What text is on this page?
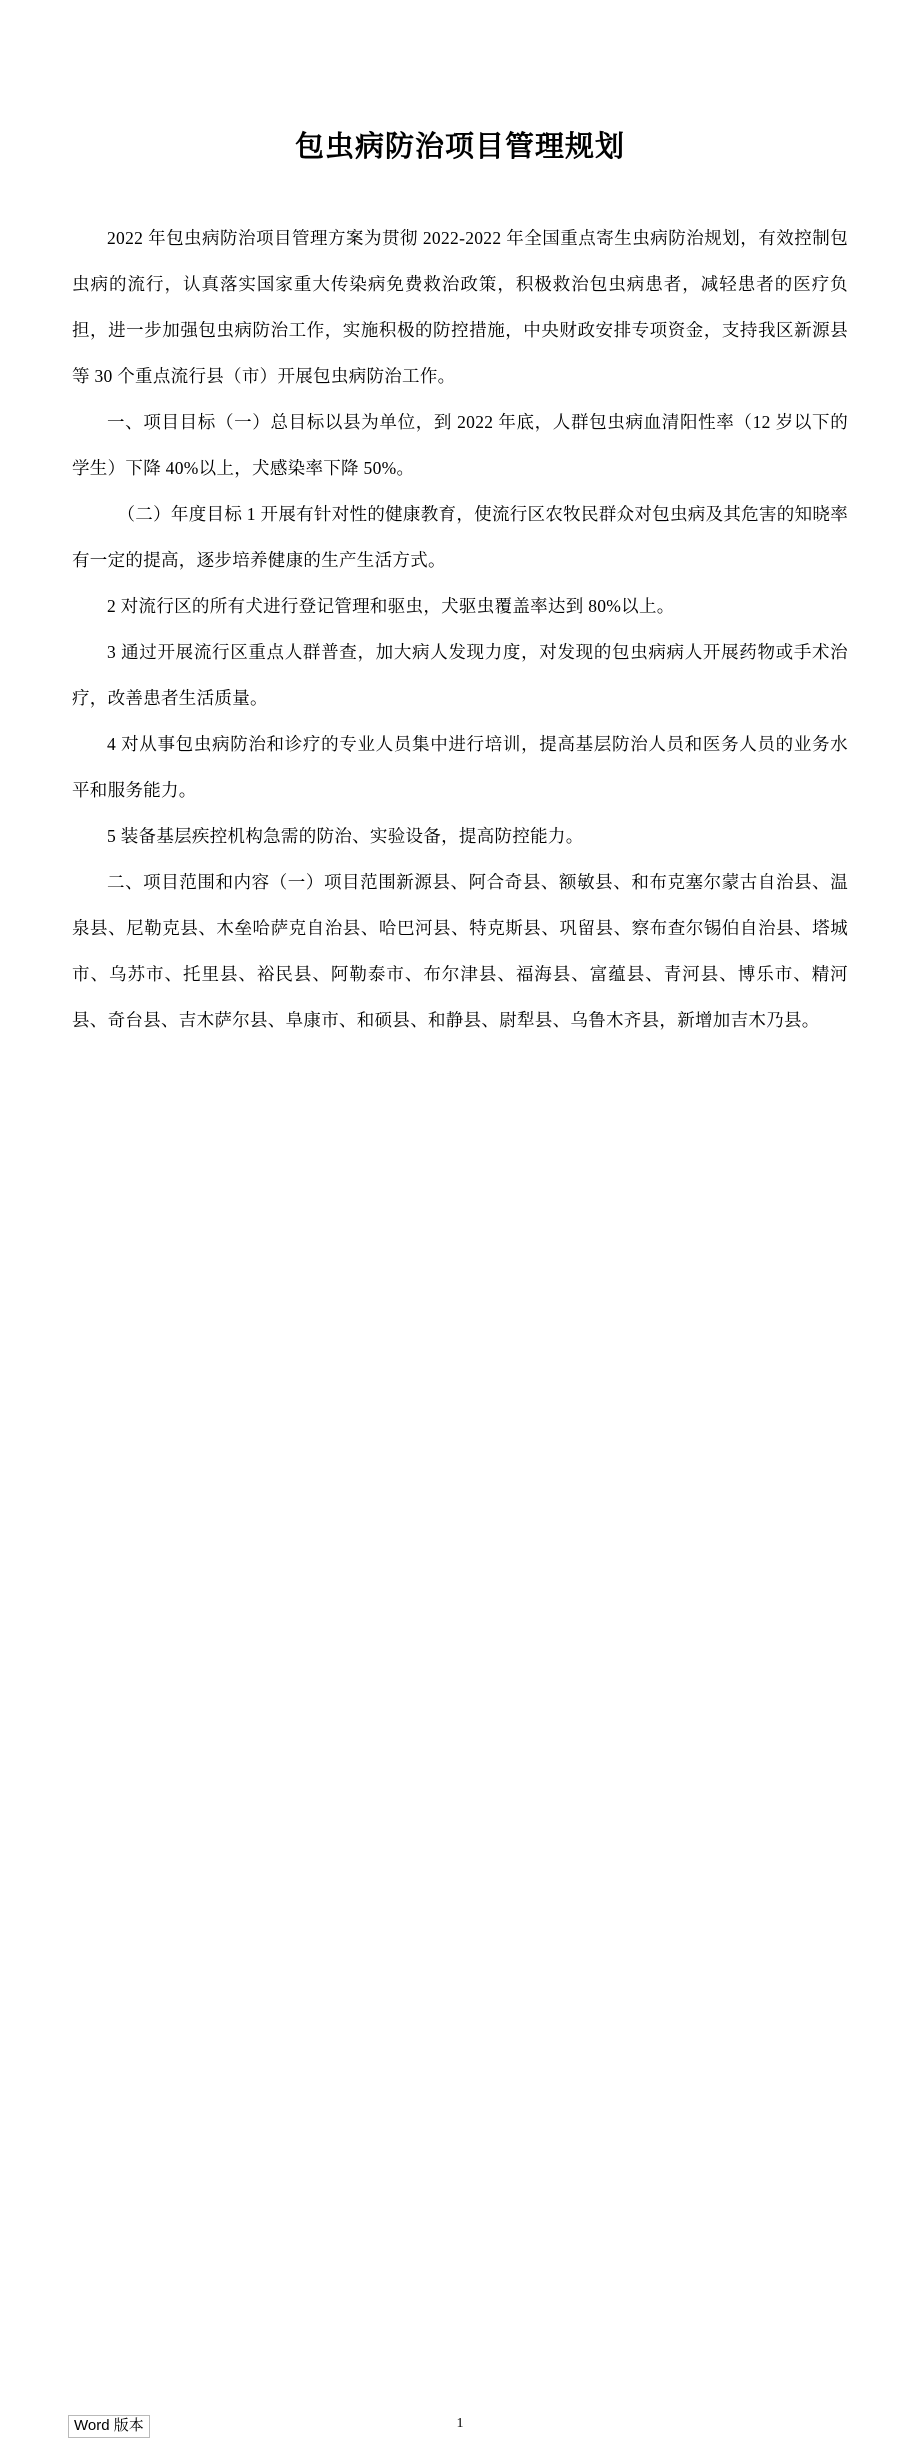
包虫病防治项目管理规划

2022 年包虫病防治项目管理方案为贯彻 2022-2022 年全国重点寄生虫病防治规划，有效控制包虫病的流行，认真落实国家重大传染病免费救治政策，积极救治包虫病患者，减轻患者的医疗负担，进一步加强包虫病防治工作，实施积极的防控措施，中央财政安排专项资金，支持我区新源县等 30 个重点流行县（市）开展包虫病防治工作。

一、项目目标（一）总目标以县为单位，到 2022 年底，人群包虫病血清阳性率（12 岁以下的学生）下降 40%以上，犬感染率下降 50%。

（二）年度目标 1 开展有针对性的健康教育，使流行区农牧民群众对包虫病及其危害的知晓率有一定的提高，逐步培养健康的生产生活方式。

2 对流行区的所有犬进行登记管理和驱虫，犬驱虫覆盖率达到 80%以上。

3 通过开展流行区重点人群普查，加大病人发现力度，对发现的包虫病病人开展药物或手术治疗，改善患者生活质量。

4 对从事包虫病防治和诊疗的专业人员集中进行培训，提高基层防治人员和医务人员的业务水平和服务能力。

5 装备基层疾控机构急需的防治、实验设备，提高防控能力。

二、项目范围和内容（一）项目范围新源县、阿合奇县、额敏县、和布克塞尔蒙古自治县、温泉县、尼勒克县、木垒哈萨克自治县、哈巴河县、特克斯县、巩留县、察布查尔锡伯自治县、塔城市、乌苏市、托里县、裕民县、阿勒泰市、布尔津县、福海县、富蕴县、青河县、博乐市、精河县、奇台县、吉木萨尔县、阜康市、和硕县、和静县、尉犁县、乌鲁木齐县，新增加吉木乃县。

Word 版本	1
